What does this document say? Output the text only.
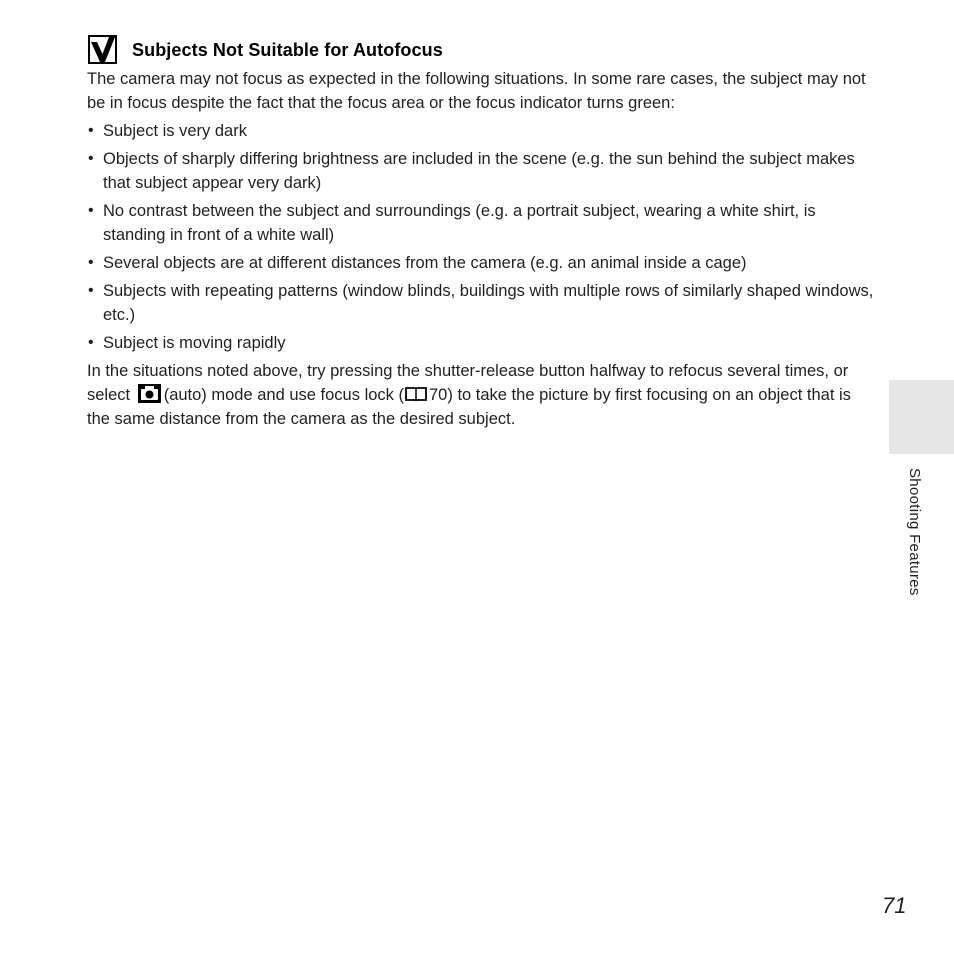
Subjects Not Suitable for Autofocus

The camera may not focus as expected in the following situations. In some rare cases, the subject may not be in focus despite the fact that the focus area or the focus indicator turns green:

• Subject is very dark
• Objects of sharply differing brightness are included in the scene (e.g. the sun behind the subject makes that subject appear very dark)
• No contrast between the subject and surroundings (e.g. a portrait subject, wearing a white shirt, is standing in front of a white wall)
• Several objects are at different distances from the camera (e.g. an animal inside a cage)
• Subjects with repeating patterns (window blinds, buildings with multiple rows of similarly shaped windows, etc.)
• Subject is moving rapidly

In the situations noted above, try pressing the shutter-release button halfway to refocus several times, or select (auto) mode and use focus lock ( 70) to take the picture by first focusing on an object that is the same distance from the camera as the desired subject.

Shooting Features
71
